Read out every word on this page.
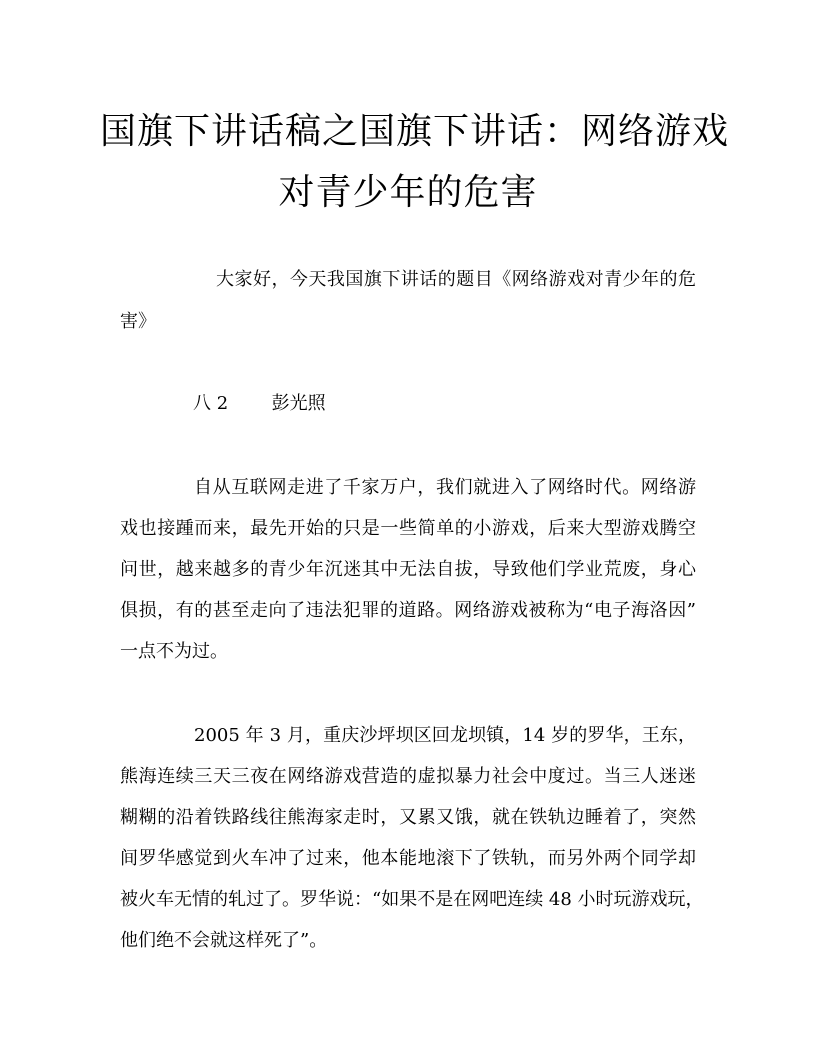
国旗下讲话稿之国旗下讲话：网络游戏
对青少年的危害

大家好，今天我国旗下讲话的题目《网络游戏对青少年的危

害》

八 2 彭光照

自从互联网走进了千家万户，我们就进入了网络时代。网络游

戏也接踵而来，最先开始的只是一些简单的小游戏，后来大型游戏腾空

问世，越来越多的青少年沉迷其中无法自拔，导致他们学业荒废，身心

俱损，有的甚至走向了违法犯罪的道路。网络游戏被称为“电子海洛因”

一点不为过。

2005 年 3 月，重庆沙坪坝区回龙坝镇，14 岁的罗华，王东，

熊海连续三天三夜在网络游戏营造的虚拟暴力社会中度过。当三人迷迷

糊糊的沿着铁路线往熊海家走时，又累又饿，就在铁轨边睡着了，突然

间罗华感觉到火车冲了过来，他本能地滚下了铁轨，而另外两个同学却

被火车无情的轧过了。罗华说：“如果不是在网吧连续 48 小时玩游戏玩，

他们绝不会就这样死了”。
